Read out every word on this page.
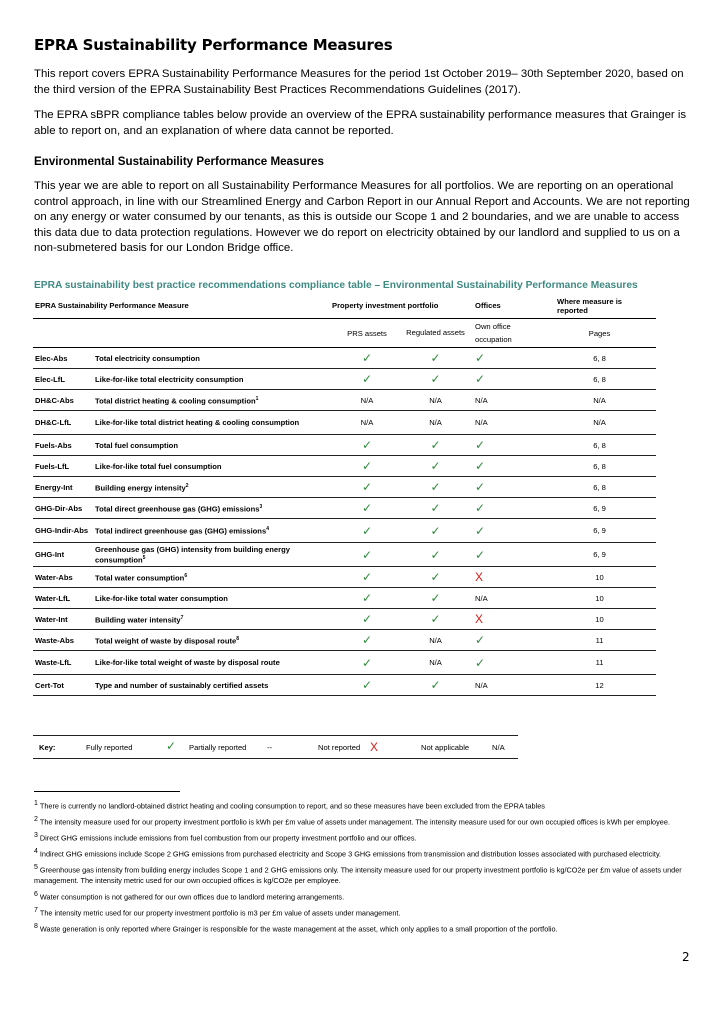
EPRA Sustainability Performance Measures

This report covers EPRA Sustainability Performance Measures for the period 1st October 2019– 30th September 2020, based on the third version of the EPRA Sustainability Best Practices Recommendations Guidelines (2017).

The EPRA sBPR compliance tables below provide an overview of the EPRA sustainability performance measures that Grainger is able to report on, and an explanation of where data cannot be reported.

Environmental Sustainability Performance Measures

This year we are able to report on all Sustainability Performance Measures for all portfolios. We are reporting on an operational control approach, in line with our Streamlined Energy and Carbon Report in our Annual Report and Accounts. We are not reporting on any energy or water consumed by our tenants, as this is outside our Scope 1 and 2 boundaries, and we are unable to access this data due to data protection regulations. However we do report on electricity obtained by our landlord and supplied to us on a non-submetered basis for our London Bridge office.

EPRA sustainability best practice recommendations compliance table – Environmental Sustainability Performance Measures
EPRA Sustainability Performance Measure		Property investment portfolio		Offices	Where measure is reported
		PRS assets	Regulated assets	Own office occupation	Pages
Elec-Abs	Total electricity consumption	✓	✓	✓	6, 8
Elec-LfL	Like-for-like total electricity consumption	✓	✓	✓	6, 8
DH&C-Abs	Total district heating & cooling consumption$^1$	N/A	N/A	N/A	N/A
DH&C-LfL	Like-for-like total district heating & cooling consumption	N/A	N/A	N/A	N/A
Fuels-Abs	Total fuel consumption	✓	✓	✓	6, 8
Fuels-LfL	Like-for-like total fuel consumption	✓	✓	✓	6, 8
Energy-Int	Building energy intensity$^2$	✓	✓	✓	6, 8
GHG-Dir-Abs	Total direct greenhouse gas (GHG) emissions$^3$	✓	✓	✓	6, 9
GHG-Indir-Abs	Total indirect greenhouse gas (GHG) emissions$^4$	✓	✓	✓	6, 9
GHG-Int	Greenhouse gas (GHG) intensity from building energy consumption$^5$	✓	✓	✓	6, 9
Water-Abs	Total water consumption$^6$	✓	✓	X	10
Water-LfL	Like-for-like total water consumption	✓	✓	N/A	10
Water-Int	Building water intensity$^7$	✓	✓	X	10
Waste-Abs	Total weight of waste by disposal route$^8$	✓	N/A	✓	11
Waste-LfL	Like-for-like total weight of waste by disposal route	✓	N/A	✓	11
Cert-Tot	Type and number of sustainably certified assets	✓	✓	N/A	12
Key:	Fully reported	✓ Partially reported	--	Not reported X	Not applicable	N/A

$^1$ There is currently no landlord-obtained district heating and cooling consumption to report, and so these measures have been excluded from the EPRA tables

$^2$ The intensity measure used for our property investment portfolio is kWh per £m value of assets under management. The intensity measure used for our own occupied offices is kWh per employee.

$^3$ Direct GHG emissions include emissions from fuel combustion from our property investment portfolio and our offices.

$^4$ Indirect GHG emissions include Scope 2 GHG emissions from purchased electricity and Scope 3 GHG emissions from transmission and distribution losses associated with purchased electricity.

$^5$ Greenhouse gas intensity from building energy includes Scope 1 and 2 GHG emissions only. The intensity measure used for our property investment portfolio is kg/CO2e per £m value of assets under management. The intensity metric used for our own occupied offices is kg/CO2e per employee.

$^6$ Water consumption is not gathered for our own offices due to landlord metering arrangements.

$^7$ The intensity metric used for our property investment portfolio is m3 per £m value of assets under management.

$^8$ Waste generation is only reported where Grainger is responsible for the waste management at the asset, which only applies to a small proportion of the portfolio.

2
